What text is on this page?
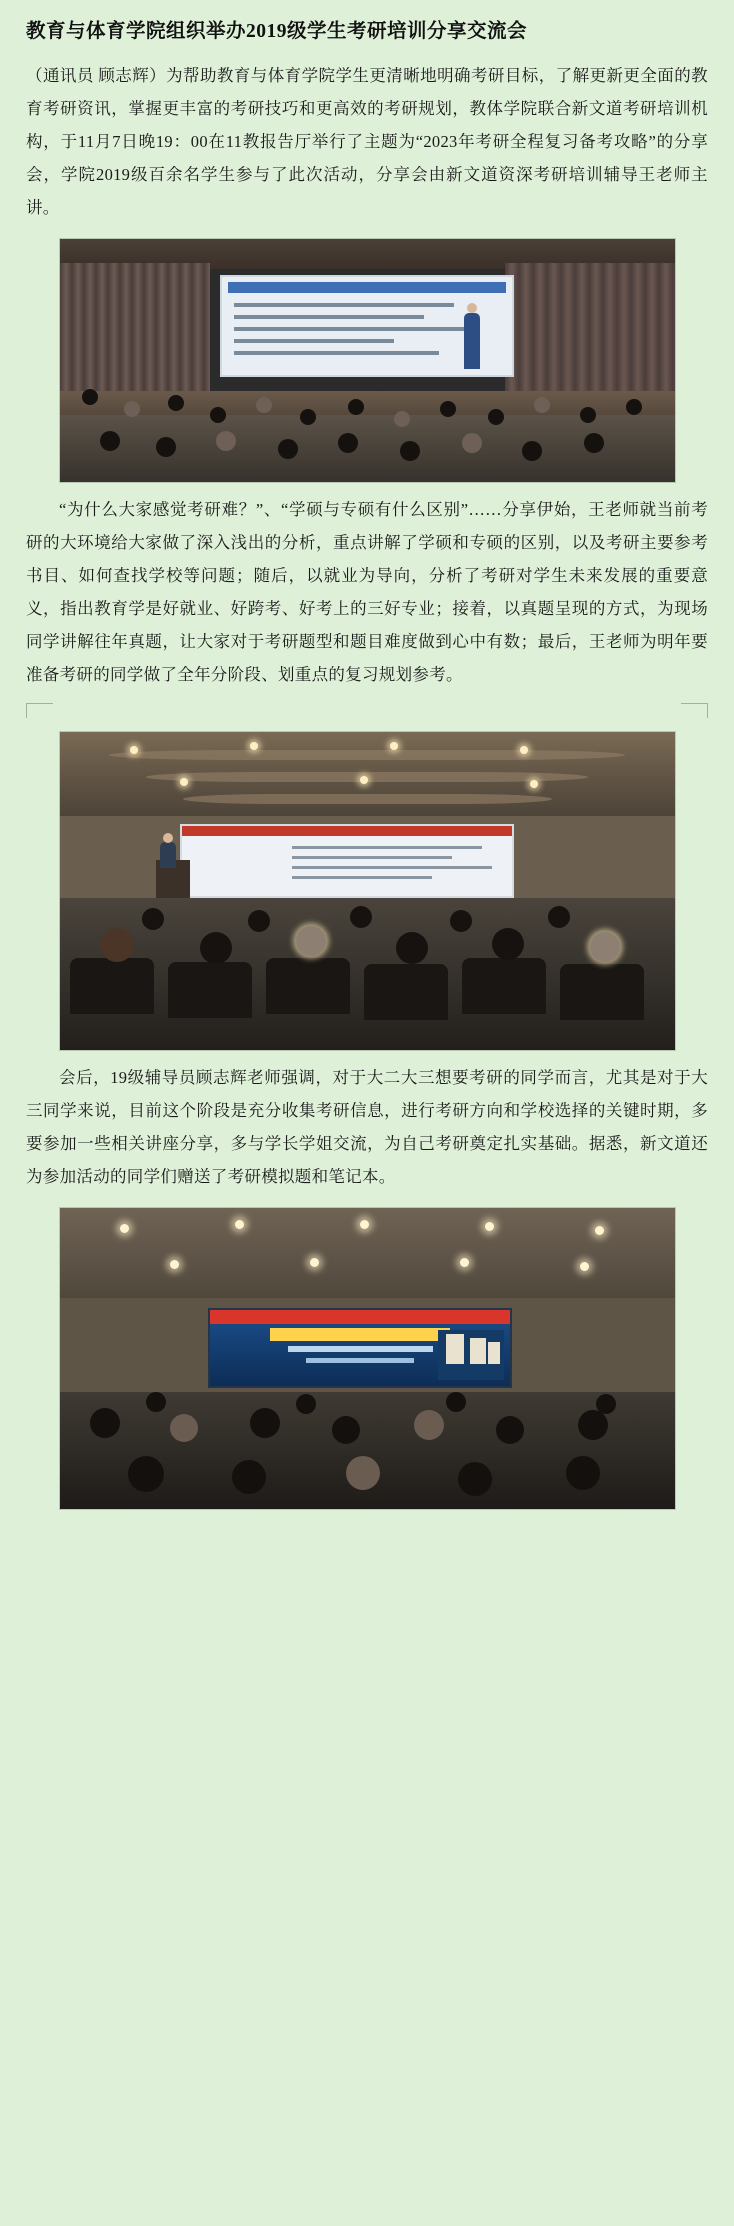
教育与体育学院组织举办2019级学生考研培训分享交流会

（通讯员 顾志辉）为帮助教育与体育学院学生更清晰地明确考研目标，了解更新更全面的教育考研资讯，掌握更丰富的考研技巧和更高效的考研规划，教体学院联合新文道考研培训机构，于11月7日晚19：00在11教报告厅举行了主题为“2023年考研全程复习备考攻略”的分享会，学院2019级百余名学生参与了此次活动，分享会由新文道资深考研培训辅导王老师主讲。

“为什么大家感觉考研难？”、“学硕与专硕有什么区别”……分享伊始，王老师就当前考研的大环境给大家做了深入浅出的分析，重点讲解了学硕和专硕的区别，以及考研主要参考书目、如何查找学校等问题；随后，以就业为导向，分析了考研对学生未来发展的重要意义，指出教育学是好就业、好跨考、好考上的三好专业；接着，以真题呈现的方式，为现场同学讲解往年真题，让大家对于考研题型和题目难度做到心中有数；最后，王老师为明年要准备考研的同学做了全年分阶段、划重点的复习规划参考。

会后，19级辅导员顾志辉老师强调，对于大二大三想要考研的同学而言，尤其是对于大三同学来说，目前这个阶段是充分收集考研信息，进行考研方向和学校选择的关键时期，多要参加一些相关讲座分享，多与学长学姐交流，为自己考研奠定扎实基础。据悉，新文道还为参加活动的同学们赠送了考研模拟题和笔记本。
